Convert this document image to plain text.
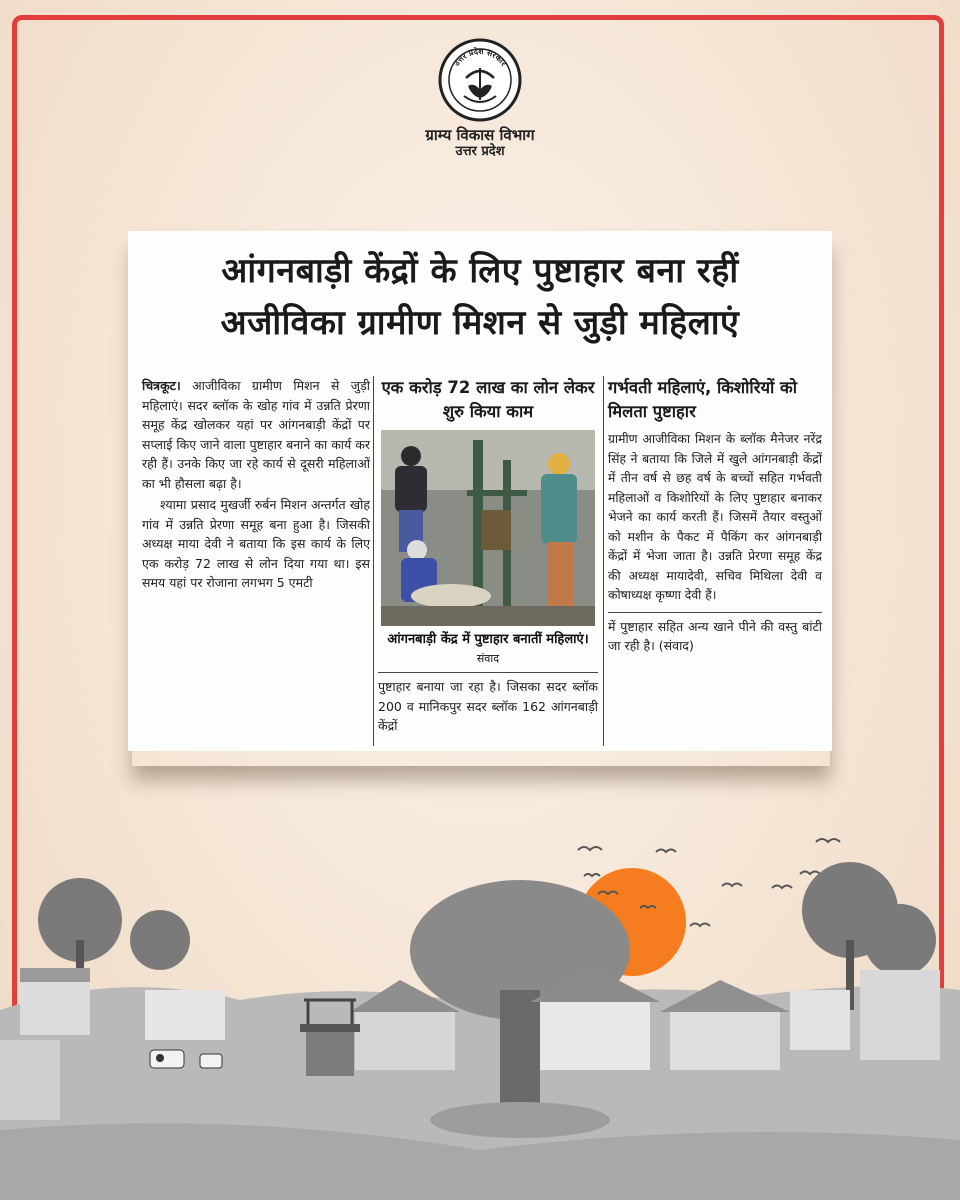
उत्तर प्रदेश सरकार
ग्राम्य विकास विभाग
उत्तर प्रदेश
आंगनबाड़ी केंद्रों के लिए पुष्टाहार बना रहीं
अजीविका ग्रामीण मिशन से जुड़ी महिलाएं

चित्रकूट। आजीविका ग्रामीण मिशन से जुड़ी महिलाएं। सदर ब्लॉक के खोह गांव में उन्नति प्रेरणा समूह केंद्र खोलकर यहां पर आंगनबाड़ी केंद्रों पर सप्लाई किए जाने वाला पुष्टाहार बनाने का कार्य कर रही हैं। उनके किए जा रहे कार्य से दूसरी महिलाओं का भी हौसला बढ़ा है।

श्यामा प्रसाद मुखर्जी रुर्बन मिशन अन्तर्गत खोह गांव में उन्नति प्रेरणा समूह बना हुआ है। जिसकी अध्यक्ष माया देवी ने बताया कि इस कार्य के लिए एक करोड़ 72 लाख से लोन दिया गया था। इस समय यहां पर रोजाना लगभग 5 एमटी

एक करोड़ 72 लाख का लोन लेकर शुरु किया काम
आंगनबाड़ी केंद्र में पुष्टाहार बनातीं महिलाएं। संवाद

पुष्टाहार बनाया जा रहा है। जिसका सदर ब्लॉक 200 व मानिकपुर सदर ब्लॉक 162 आंगनबाड़ी केंद्रों

गर्भवती महिलाएं, किशोरियों को मिलता पुष्टाहार

ग्रामीण आजीविका मिशन के ब्लॉक मैनेजर नरेंद्र सिंह ने बताया कि जिले में खुले आंगनबाड़ी केंद्रों में तीन वर्ष से छह वर्ष के बच्चों सहित गर्भवती महिलाओं व किशोरियों के लिए पुष्टाहार बनाकर भेजने का कार्य करती हैं। जिसमें तैयार वस्तुओं को मशीन के पैकट में पैकिंग कर आंगनबाड़ी केंद्रों में भेजा जाता है। उन्नति प्रेरणा समूह केंद्र की अध्यक्ष मायादेवी, सचिव मिथिला देवी व कोषाध्यक्ष कृष्णा देवी हैं।

में पुष्टाहार सहित अन्य खाने पीने की वस्तु बांटी जा रही है। (संवाद)
